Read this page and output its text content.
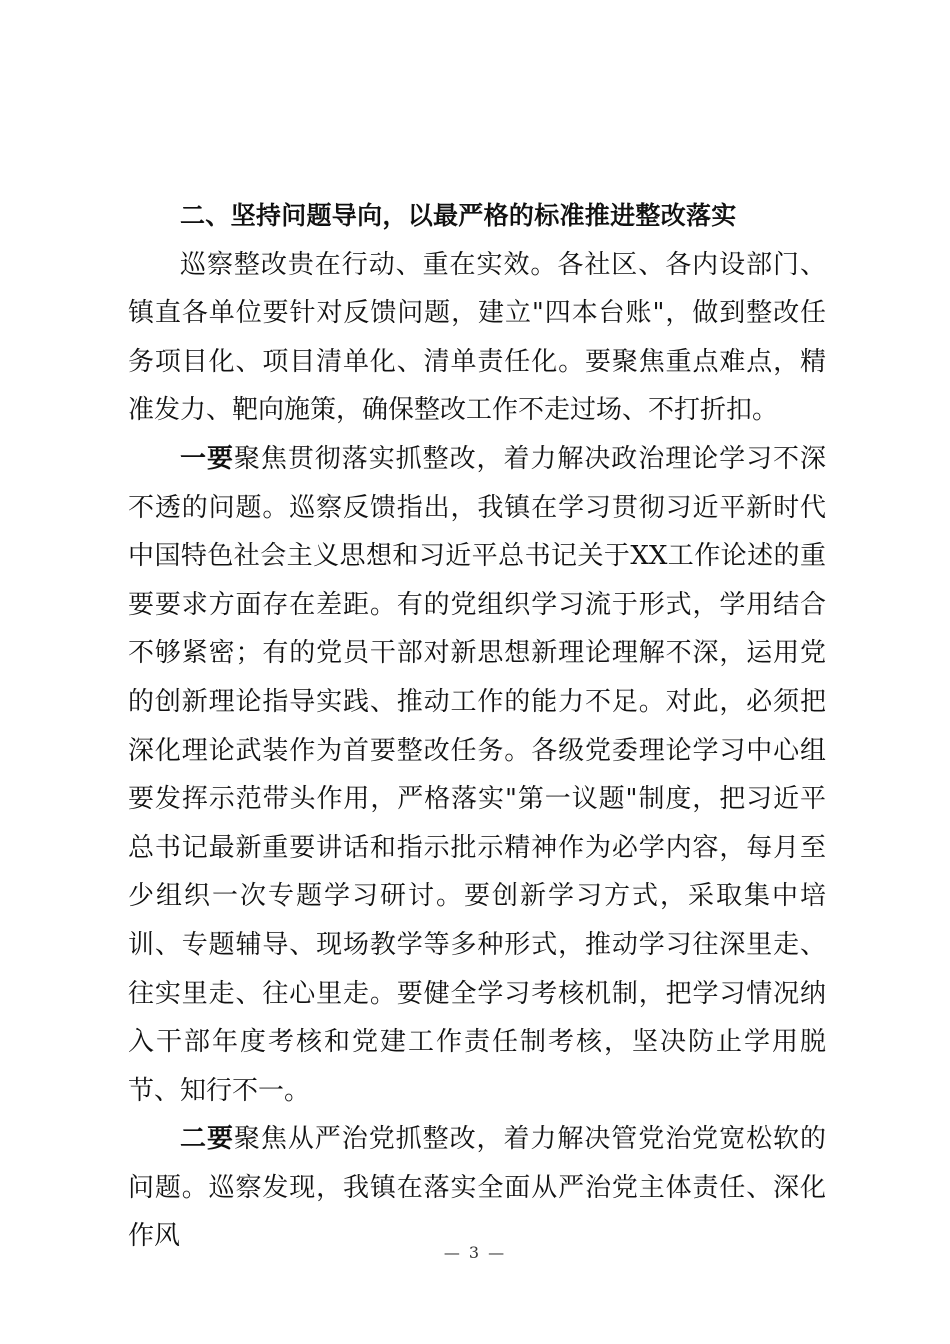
二、坚持问题导向，以最严格的标准推进整改落实

巡察整改贵在行动、重在实效。各社区、各内设部门、镇直各单位要针对反馈问题，建立"四本台账"，做到整改任务项目化、项目清单化、清单责任化。要聚焦重点难点，精准发力、靶向施策，确保整改工作不走过场、不打折扣。

一要聚焦贯彻落实抓整改，着力解决政治理论学习不深不透的问题。巡察反馈指出，我镇在学习贯彻习近平新时代中国特色社会主义思想和习近平总书记关于XX工作论述的重要要求方面存在差距。有的党组织学习流于形式，学用结合不够紧密；有的党员干部对新思想新理论理解不深，运用党的创新理论指导实践、推动工作的能力不足。对此，必须把深化理论武装作为首要整改任务。各级党委理论学习中心组要发挥示范带头作用，严格落实"第一议题"制度，把习近平总书记最新重要讲话和指示批示精神作为必学内容，每月至少组织一次专题学习研讨。要创新学习方式，采取集中培训、专题辅导、现场教学等多种形式，推动学习往深里走、往实里走、往心里走。要健全学习考核机制，把学习情况纳入干部年度考核和党建工作责任制考核，坚决防止学用脱节、知行不一。

二要聚焦从严治党抓整改，着力解决管党治党宽松软的问题。巡察发现，我镇在落实全面从严治党主体责任、深化作风

— 3 —
